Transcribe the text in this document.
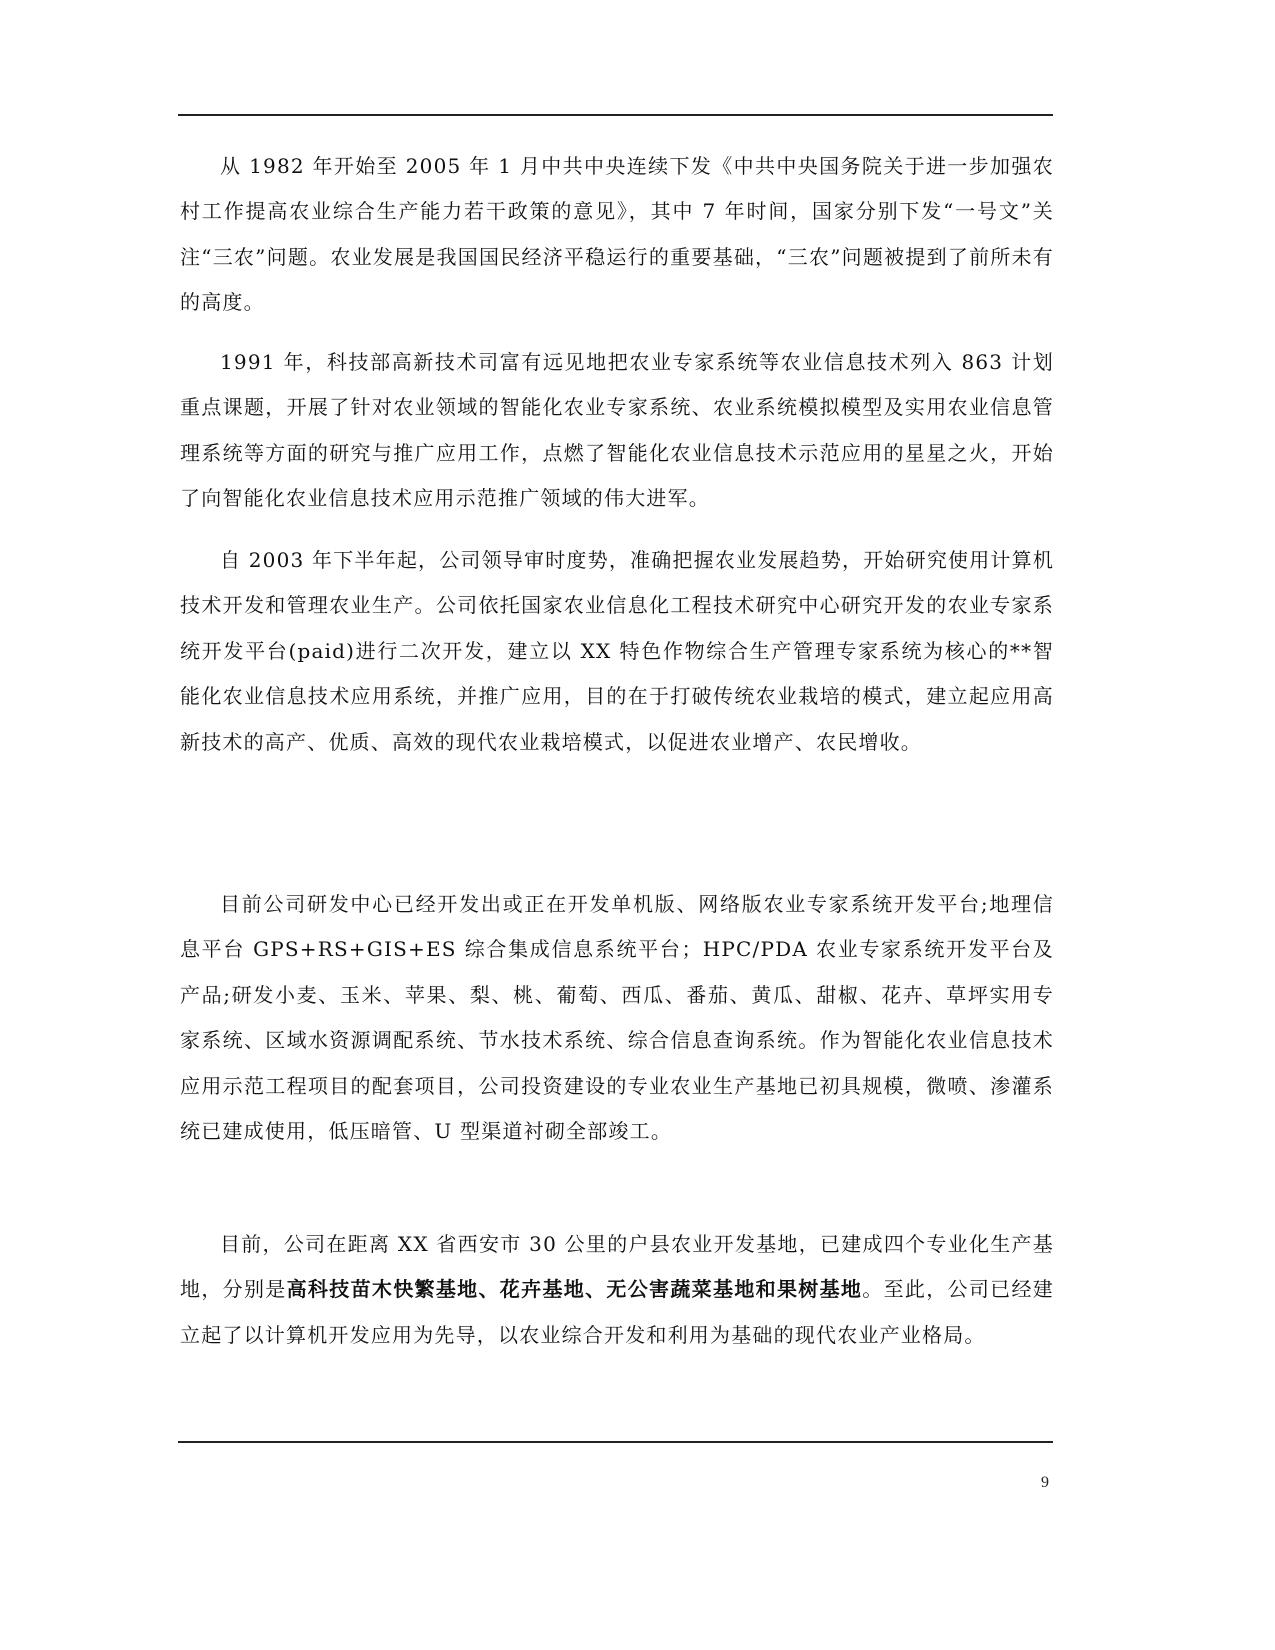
从 1982 年开始至 2005 年 1 月中共中央连续下发《中共中央国务院关于进一步加强农村工作提高农业综合生产能力若干政策的意见》，其中 7 年时间，国家分别下发“一号文”关注“三农”问题。农业发展是我国国民经济平稳运行的重要基础，“三农”问题被提到了前所未有的高度。

1991 年，科技部高新技术司富有远见地把农业专家系统等农业信息技术列入 863 计划重点课题，开展了针对农业领域的智能化农业专家系统、农业系统模拟模型及实用农业信息管理系统等方面的研究与推广应用工作，点燃了智能化农业信息技术示范应用的星星之火，开始了向智能化农业信息技术应用示范推广领域的伟大进军。

自 2003 年下半年起，公司领导审时度势，准确把握农业发展趋势，开始研究使用计算机技术开发和管理农业生产。公司依托国家农业信息化工程技术研究中心研究开发的农业专家系统开发平台(paid)进行二次开发，建立以 XX 特色作物综合生产管理专家系统为核心的**智能化农业信息技术应用系统，并推广应用，目的在于打破传统农业栽培的模式，建立起应用高新技术的高产、优质、高效的现代农业栽培模式，以促进农业增产、农民增收。

目前公司研发中心已经开发出或正在开发单机版、网络版农业专家系统开发平台;地理信息平台 GPS+RS+GIS+ES 综合集成信息系统平台；HPC/PDA 农业专家系统开发平台及产品;研发小麦、玉米、苹果、梨、桃、葡萄、西瓜、番茄、黄瓜、甜椒、花卉、草坪实用专家系统、区域水资源调配系统、节水技术系统、综合信息查询系统。作为智能化农业信息技术应用示范工程项目的配套项目，公司投资建设的专业农业生产基地已初具规模，微喷、渗灌系统已建成使用，低压暗管、U 型渠道衬砌全部竣工。

目前，公司在距离 XX 省西安市 30 公里的户县农业开发基地，已建成四个专业化生产基地，分别是高科技苗木快繁基地、花卉基地、无公害蔬菜基地和果树基地。至此，公司已经建立起了以计算机开发应用为先导，以农业综合开发和利用为基础的现代农业产业格局。

9
